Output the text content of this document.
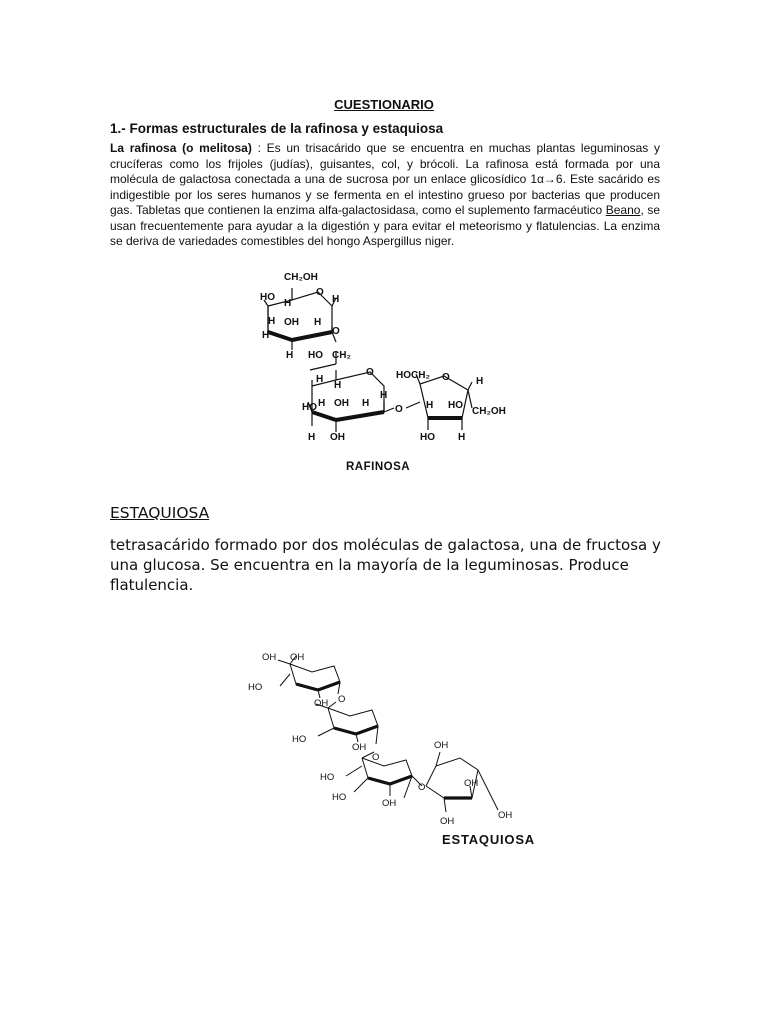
CUESTIONARIO
1.- Formas estructurales de la rafinosa y estaquiosa
La rafinosa (o melitosa) : Es un trisacárido que se encuentra en muchas plantas leguminosas y crucíferas como los frijoles (judías), guisantes, col, y brócoli. La rafinosa está formada por una molécula de galactosa conectada a una de sucrosa por un enlace glicosídico 1α→6. Este sacárido es indigestible por los seres humanos y se fermenta en el intestino grueso por bacterias que producen gas. Tabletas que contienen la enzima alfa-galactosidasa, como el suplemento farmacéutico Beano, se usan frecuentemente para ayudar a la digestión y para evitar el meteorismo y flatulencias. La enzima se deriva de variedades comestibles del hongo Aspergillus niger.
CH₂OH
HO
H
O
H
H OH H
O
H
H HO CH₂
H
H
O
HO H OH H
H
H OH
O
HOCH₂ O	H
H HO
CH₂OH
HO H
RAFINOSA
ESTAQUIOSA
tetrasacárido formado por dos moléculas de galactosa, una de fructosa y una glucosa. Se encuentra en la mayoría de la leguminosas. Produce flatulencia.
OH OH
HO
OH O
HO
OH
O
HO
HO
OH
O
OH
OH
OH
OH
ESTAQUIOSA
